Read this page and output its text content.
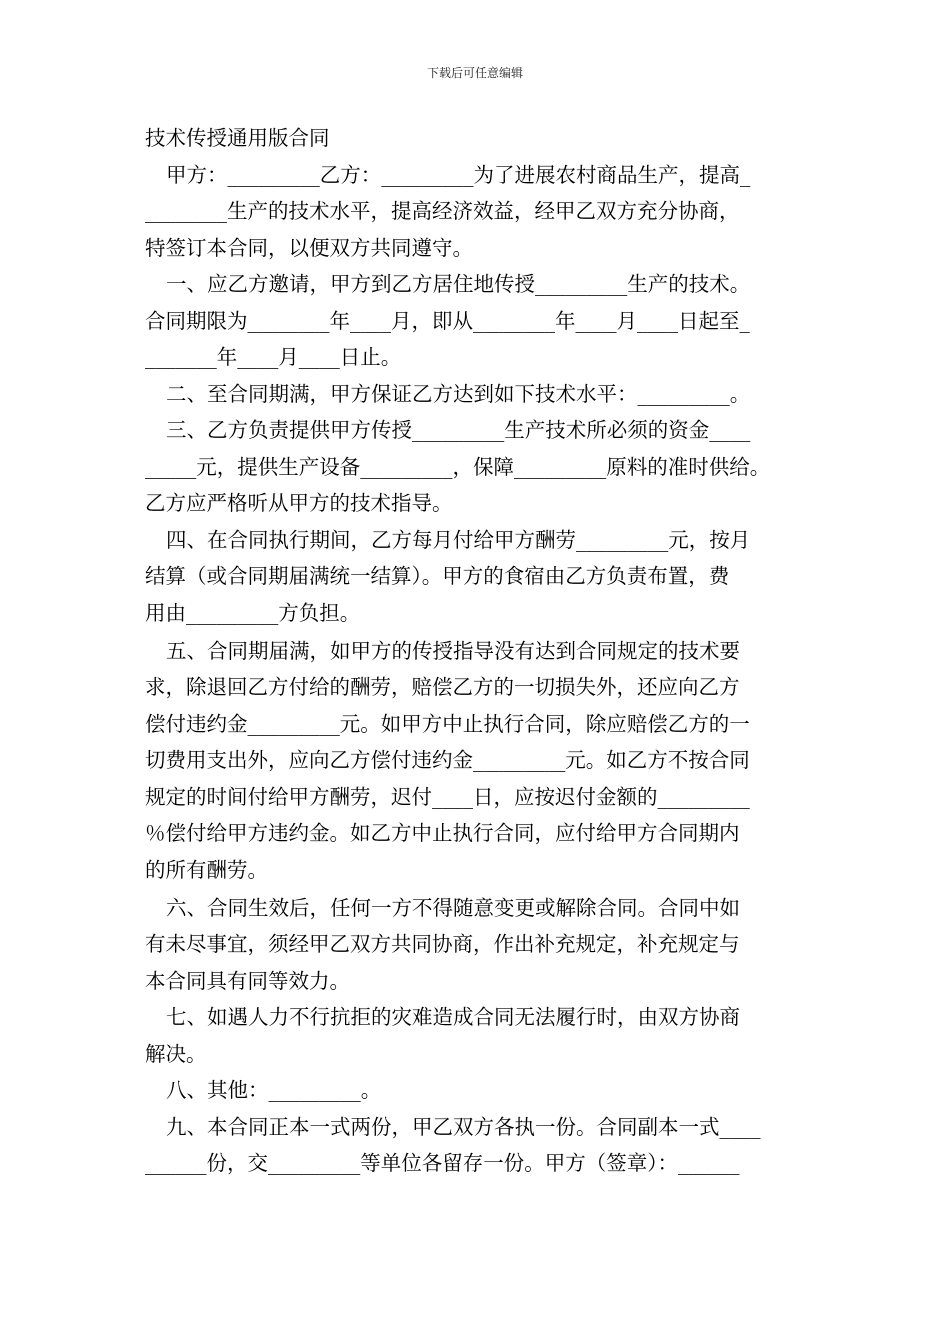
下载后可任意编辑
技术传授通用版合同
甲方：_________乙方：_________为了进展农村商品生产，提高_
________生产的技术水平，提高经济效益，经甲乙双方充分协商，
特签订本合同，以便双方共同遵守。
一、应乙方邀请，甲方到乙方居住地传授_________生产的技术。
合同期限为________年____月，即从________年____月____日起至_
_______年____月____日止。
二、至合同期满，甲方保证乙方达到如下技术水平：_________。
三、乙方负责提供甲方传授_________生产技术所必须的资金____
_____元，提供生产设备_________，保障_________原料的准时供给。
乙方应严格听从甲方的技术指导。
四、在合同执行期间，乙方每月付给甲方酬劳_________元，按月
结算（或合同期届满统一结算）。甲方的食宿由乙方负责布置，费
用由_________方负担。
五、合同期届满，如甲方的传授指导没有达到合同规定的技术要
求，除退回乙方付给的酬劳，赔偿乙方的一切损失外，还应向乙方
偿付违约金_________元。如甲方中止执行合同，除应赔偿乙方的一
切费用支出外，应向乙方偿付违约金_________元。如乙方不按合同
规定的时间付给甲方酬劳，迟付____日，应按迟付金额的_________
％偿付给甲方违约金。如乙方中止执行合同，应付给甲方合同期内
的所有酬劳。
六、合同生效后，任何一方不得随意变更或解除合同。合同中如
有未尽事宜，须经甲乙双方共同协商，作出补充规定，补充规定与
本合同具有同等效力。
七、如遇人力不行抗拒的灾难造成合同无法履行时，由双方协商
解决。
八、其他：_________。
九、本合同正本一式两份，甲乙双方各执一份。合同副本一式____
______份，交_________等单位各留存一份。甲方（签章）：______
